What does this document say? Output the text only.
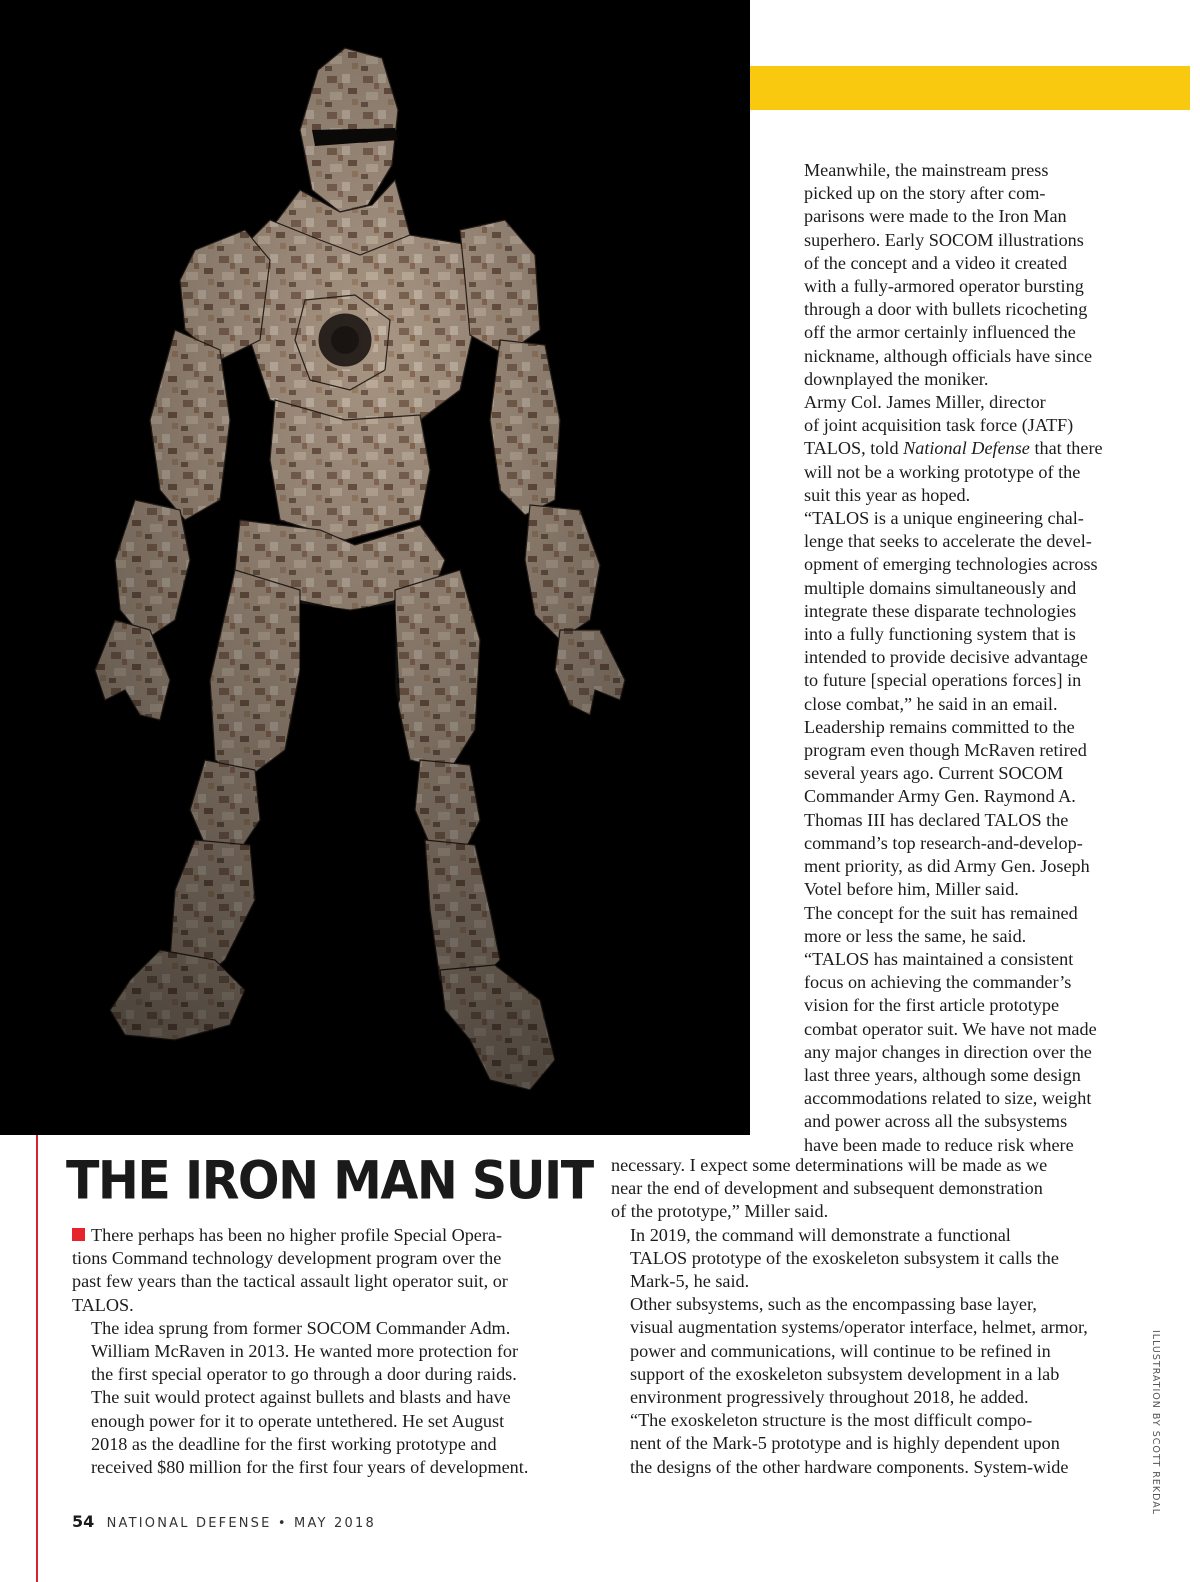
THE IRON MAN SUIT

There perhaps has been no higher profile Special Opera-
tions Command technology development program over the
past few years than the tactical assault light operator suit, or
TALOS.

The idea sprung from former SOCOM Commander Adm.
William McRaven in 2013. He wanted more protection for
the first special operator to go through a door during raids.
The suit would protect against bullets and blasts and have
enough power for it to operate untethered. He set August
2018 as the deadline for the first working prototype and
received $80 million for the first four years of development.

Meanwhile, the mainstream press
picked up on the story after com-
parisons were made to the Iron Man
superhero. Early SOCOM illustrations
of the concept and a video it created
with a fully-armored operator bursting
through a door with bullets ricocheting
off the armor certainly influenced the
nickname, although officials have since
downplayed the moniker.

Army Col. James Miller, director
of joint acquisition task force (JATF)
TALOS, told National Defense that there
will not be a working prototype of the
suit this year as hoped.

“TALOS is a unique engineering chal-
lenge that seeks to accelerate the devel-
opment of emerging technologies across
multiple domains simultaneously and
integrate these disparate technologies
into a fully functioning system that is
intended to provide decisive advantage
to future [special operations forces] in
close combat,” he said in an email.

Leadership remains committed to the
program even though McRaven retired
several years ago. Current SOCOM
Commander Army Gen. Raymond A.
Thomas III has declared TALOS the
command’s top research-and-develop-
ment priority, as did Army Gen. Joseph
Votel before him, Miller said.

The concept for the suit has remained
more or less the same, he said.

“TALOS has maintained a consistent
focus on achieving the commander’s
vision for the first article prototype
combat operator suit. We have not made
any major changes in direction over the
last three years, although some design
accommodations related to size, weight
and power across all the subsystems
have been made to reduce risk where

necessary. I expect some determinations will be made as we
near the end of development and subsequent demonstration
of the prototype,” Miller said.

In 2019, the command will demonstrate a functional
TALOS prototype of the exoskeleton subsystem it calls the
Mark-5, he said.

Other subsystems, such as the encompassing base layer,
visual augmentation systems/operator interface, helmet, armor,
power and communications, will continue to be refined in
support of the exoskeleton subsystem development in a lab
environment progressively throughout 2018, he added.

“The exoskeleton structure is the most difficult compo-
nent of the Mark-5 prototype and is highly dependent upon
the designs of the other hardware components. System-wide

54 NATIONAL DEFENSE • MAY 2018
ILLUSTRATION BY SCOTT REKDAL
